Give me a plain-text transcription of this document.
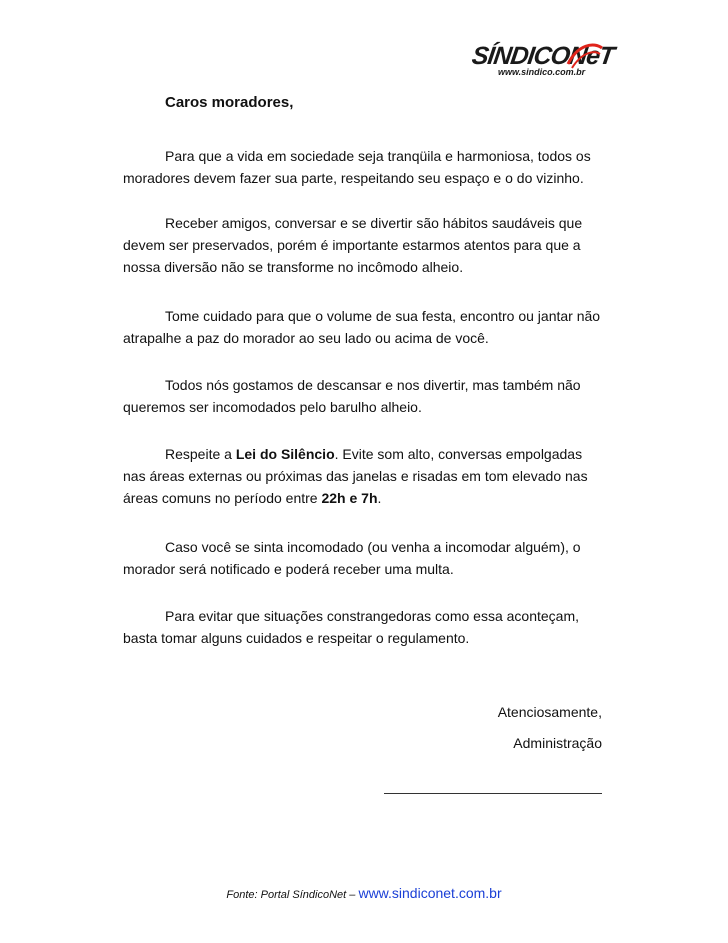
SÍNDICONeT
www.sindico.com.br

Caros moradores,

Para que a vida em sociedade seja tranqüila e harmoniosa, todos os moradores devem fazer sua parte, respeitando seu espaço e o do vizinho.

Receber amigos, conversar e se divertir são hábitos saudáveis que devem ser preservados, porém é importante estarmos atentos para que a nossa diversão não se transforme no incômodo alheio.

Tome cuidado para que o volume de sua festa, encontro ou jantar não atrapalhe a paz do morador ao seu lado ou acima de você.

Todos nós gostamos de descansar e nos divertir, mas também não queremos ser incomodados pelo barulho alheio.

Respeite a Lei do Silêncio. Evite som alto, conversas empolgadas nas áreas externas ou próximas das janelas e risadas em tom elevado nas áreas comuns no período entre 22h e 7h.

Caso você se sinta incomodado (ou venha a incomodar alguém), o morador será notificado e poderá receber uma multa.

Para evitar que situações constrangedoras como essa aconteçam, basta tomar alguns cuidados e respeitar o regulamento.

Atenciosamente,

Administração

Fonte: Portal SíndicoNet – www.sindiconet.com.br
